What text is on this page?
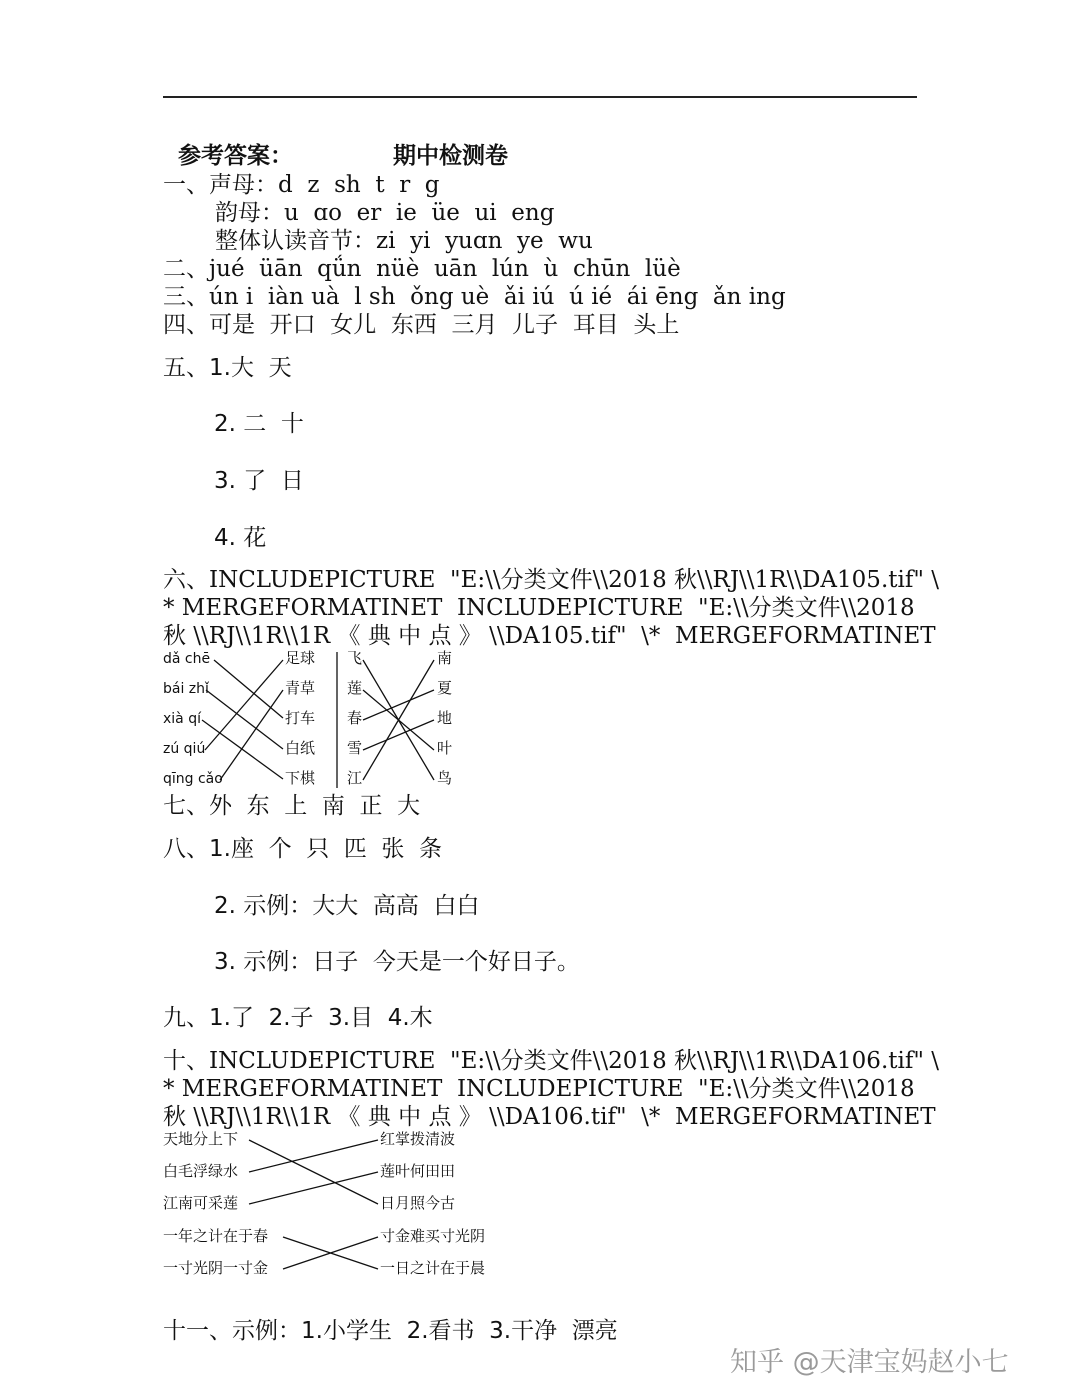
参考答案：	期中检测卷
一、声母：d  z  sh  t  r  g
韵母：u  ɑo  er  ie  üe  ui  eng
整体认读音节：zi  yi  yuɑn  ye  wu
二、jué  üān  qǘn  nüè  uān  lún  ù  chūn  lüè
三、ún i  iàn uà  l sh  ǒng uè  ǎi iú  ú ié  ái ēng  ǎn ing
四、可是  开口  女儿  东西  三月  儿子  耳目  头上
五、1.大  天
2. 二  十
3. 了  日
4. 花
六、INCLUDEPICTURE  "E:\\分类文件\\2018 秋\\RJ\\1R\\DA105.tif" \
* MERGEFORMATINET  INCLUDEPICTURE  "E:\\分类文件\\2018
秋 \\RJ\\1R\\1R 《 典 中 点 》 \\DA105.tif"  \*  MERGEFORMATINET
dǎ chē
bái zhǐ
xià qí
zú qiú
qīng cǎo
足球
青草
打车
白纸
下棋
飞
莲
春
雪
江
南
夏
地
叶
鸟
七、外  东  上  南  正  大
八、1.座  个  只  匹  张  条
2. 示例：大大  高高  白白
3. 示例：日子  今天是一个好日子。
九、1.了  2.子  3.目  4.木
十、INCLUDEPICTURE  "E:\\分类文件\\2018 秋\\RJ\\1R\\DA106.tif" \
* MERGEFORMATINET  INCLUDEPICTURE  "E:\\分类文件\\2018
秋 \\RJ\\1R\\1R 《 典 中 点 》 \\DA106.tif"  \*  MERGEFORMATINET
天地分上下
白毛浮绿水
江南可采莲
一年之计在于春
一寸光阴一寸金
红掌拨清波
莲叶何田田
日月照今古
寸金难买寸光阴
一日之计在于晨
十一、示例：1.小学生  2.看书  3.干净  漂亮
知乎 @天津宝妈赵小七
